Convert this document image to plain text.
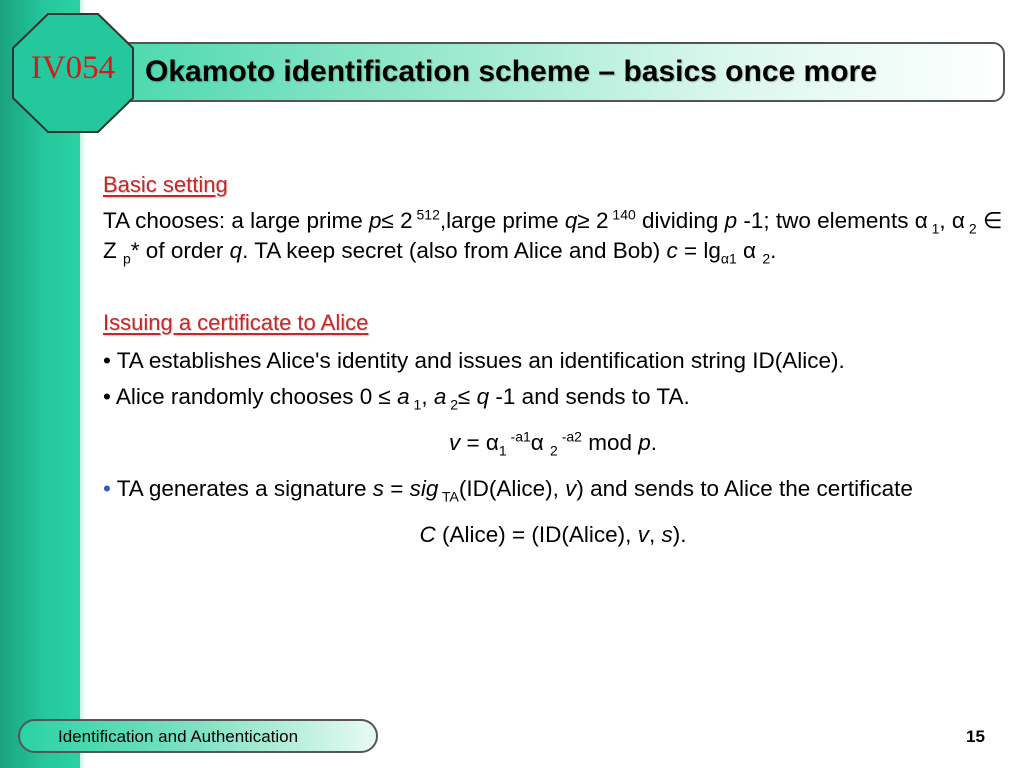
Okamoto identification scheme – basics once more
IV054
Basic setting

TA chooses: a large prime p≤ 2 $^{512}$,large prime q≥ 2 $^{140}$ dividing p -1; two elements α $_1$, α $_2$ ∈ Z $_p$* of order q. TA keep secret (also from Alice and Bob) $c = \lg_{\alpha 1} \alpha$ $_2$.

Issuing a certificate to Alice

• TA establishes Alice's identity and issues an identification string ID(Alice).

• Alice randomly chooses 0 ≤ a $_1$, a $_2$≤ q -1 and sends to TA.

$v = \alpha_1$ $^{-a1}$α $_2$ $^{-a2}$ mod p.

• TA generates a signature s = sig $_{TA}$(ID(Alice), v) and sends to Alice the certificate

C (Alice) = (ID(Alice), v, s).

Identification and Authentication	15
